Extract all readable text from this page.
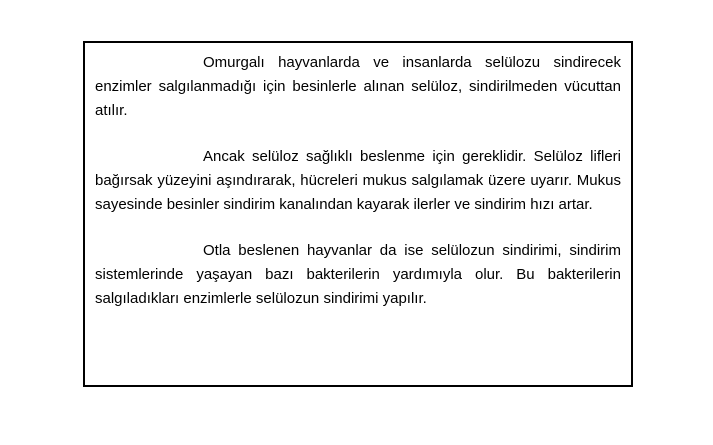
Omurgalı hayvanlarda ve insanlarda selülozu sindirecek enzimler salgılanmadığı için besinlerle alınan selüloz, sindirilmeden vücuttan atılır.

Ancak selüloz sağlıklı beslenme için gereklidir. Selüloz lifleri bağırsak yüzeyini aşındırarak, hücreleri mukus salgılamak üzere uyarır. Mukus sayesinde besinler sindirim kanalından kayarak ilerler ve sindirim hızı artar.

Otla beslenen hayvanlar da ise selülozun sindirimi, sindirim sistemlerinde yaşayan bazı bakterilerin yardımıyla olur. Bu bakterilerin salgıladıkları enzimlerle selülozun sindirimi yapılır.
